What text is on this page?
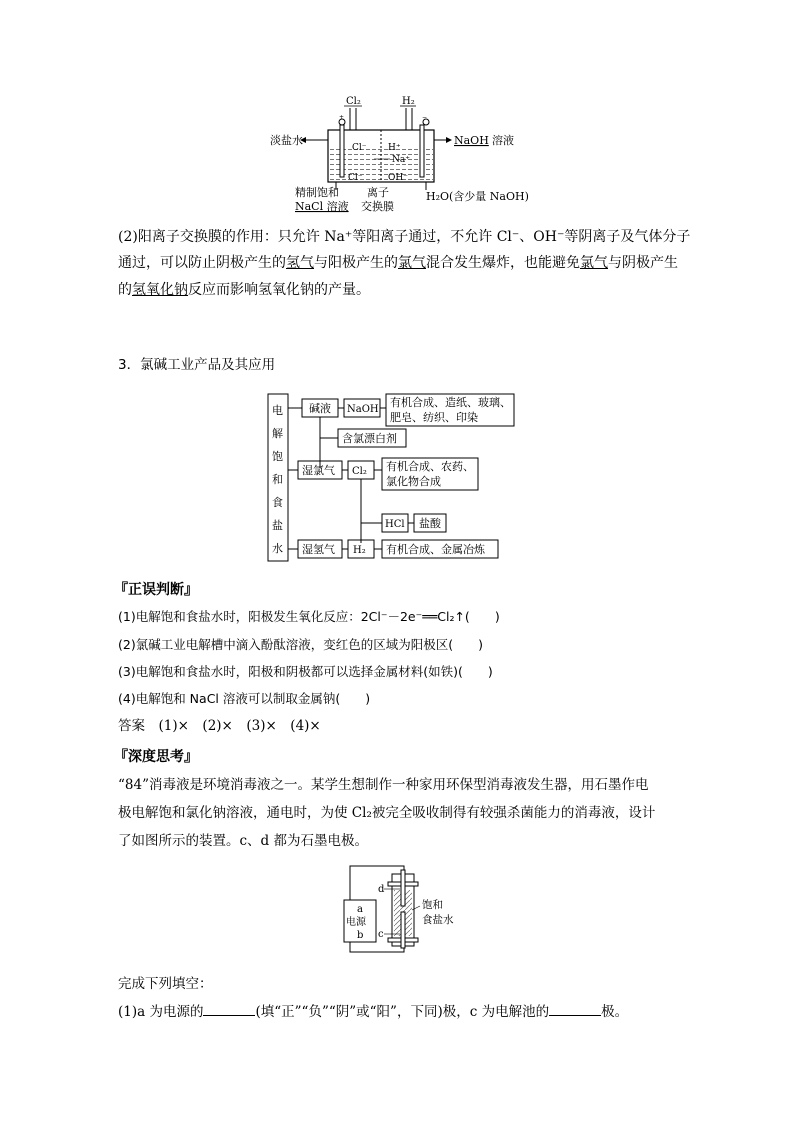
Cl₂	H₂
−
+
Cl⁻ H⁺
Na⁺
Cl⁻	OH⁻
淡盐水	NaOH 溶液
精制饱和
NaCl 溶液
离子
交换膜
H₂O(含少量 NaOH)
(2)阳离子交换膜的作用：只允许 Na⁺等阳离子通过，不允许 Cl⁻、OH⁻等阴离子及气体分子
通过，可以防止阴极产生的氢气与阳极产生的氯气混合发生爆炸，也能避免氯气与阴极产生
的氢氧化钠反应而影响氢氧化钠的产量。
3．氯碱工业产品及其应用
电
解
饱
和
食
盐
水
碱液 NaOH
有机合成、造纸、玻璃、
肥皂、纺织、印染
含氯漂白剂
湿氯气 Cl₂ 有机合成、农药、
氯化物合成
HCl 盐酸
湿氢气 H₂ 有机合成、金属冶炼
『正误判断』
(1)电解饱和食盐水时，阳极发生氧化反应：2Cl⁻－2e⁻══Cl₂↑(　　)
(2)氯碱工业电解槽中滴入酚酞溶液，变红色的区域为阳极区(　　)
(3)电解饱和食盐水时，阳极和阴极都可以选择金属材料(如铁)(　　)
(4)电解饱和 NaCl 溶液可以制取金属钠(　　)
答案　(1)×　(2)×　(3)×　(4)×
『深度思考』
“84”消毒液是环境消毒液之一。某学生想制作一种家用环保型消毒液发生器，用石墨作电
极电解饱和氯化钠溶液，通电时，为使 Cl₂被完全吸收制得有较强杀菌能力的消毒液，设计
了如图所示的装置。c、d 都为石墨电极。
a
电源
b
d
c
饱和
食盐水
完成下列填空：
(1)a 为电源的	(填“正”“负”“阴”或“阳”，下同)极，c 为电解池的	极。
